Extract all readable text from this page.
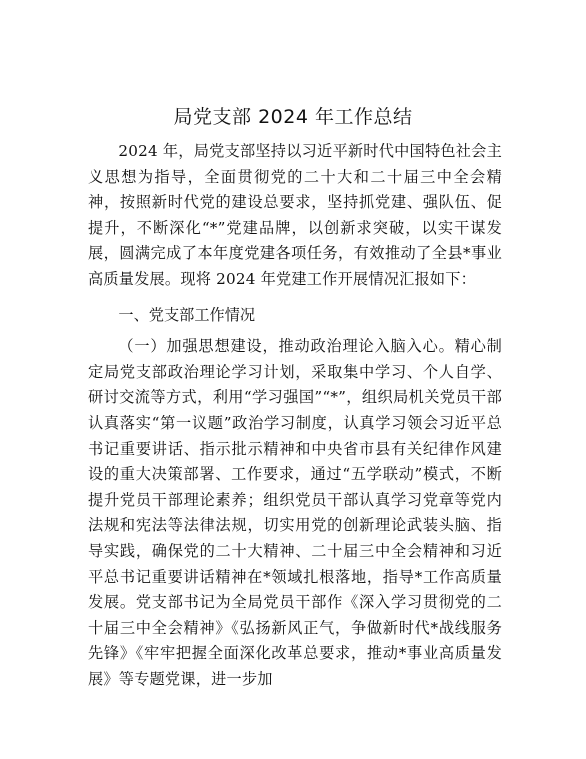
局党支部 2024 年工作总结

2024 年，局党支部坚持以习近平新时代中国特色社会主义思想为指导，全面贯彻党的二十大和二十届三中全会精神，按照新时代党的建设总要求，坚持抓党建、强队伍、促提升，不断深化“*”党建品牌，以创新求突破，以实干谋发展，圆满完成了本年度党建各项任务，有效推动了全县*事业高质量发展。现将 2024 年党建工作开展情况汇报如下：

一、党支部工作情况

（一）加强思想建设，推动政治理论入脑入心。精心制定局党支部政治理论学习计划，采取集中学习、个人自学、研讨交流等方式，利用“学习强国”“*”，组织局机关党员干部认真落实“第一议题”政治学习制度，认真学习领会习近平总书记重要讲话、指示批示精神和中央省市县有关纪律作风建设的重大决策部署、工作要求，通过“五学联动”模式，不断提升党员干部理论素养；组织党员干部认真学习党章等党内法规和宪法等法律法规，切实用党的创新理论武装头脑、指导实践，确保党的二十大精神、二十届三中全会精神和习近平总书记重要讲话精神在*领域扎根落地，指导*工作高质量发展。党支部书记为全局党员干部作《深入学习贯彻党的二十届三中全会精神》《弘扬新风正气，争做新时代*战线服务先锋》《牢牢把握全面深化改革总要求，推动*事业高质量发展》等专题党课，进一步加
